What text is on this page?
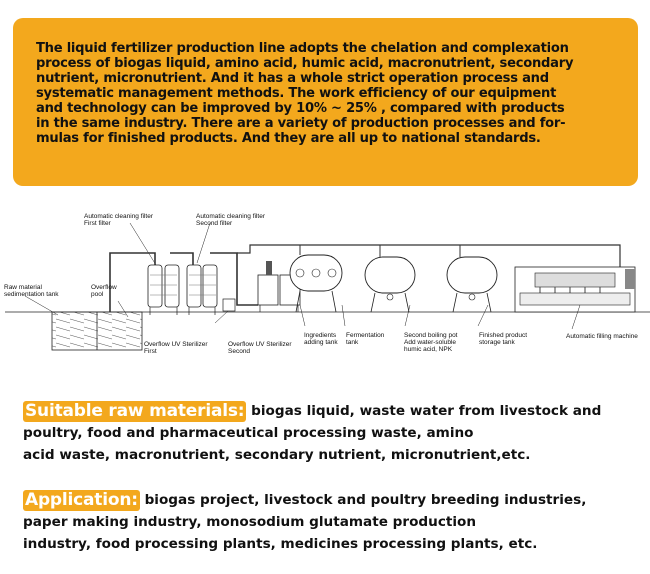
The liquid fertilizer production line adopts the chelation and complexation
process of biogas liquid, amino acid, humic acid, macronutrient, secondary
nutrient, micronutrient. And it has a whole strict operation process and
systematic management methods. The work efficiency of our equipment
and technology can be improved by 10% ~ 25% , compared with products
in the same industry. There are a variety of production processes and for-
mulas for finished products. And they are all up to national standards.

Automatic cleaning filter
First filter
Automatic cleaning filter
Second filter
Raw material
sedimentation tank
Overflow
pool
Overflow UV Sterilizer
First
Overflow UV Sterilizer
Second
Ingredients
adding tank
Fermentation
tank
Second boiling pot
Add water-soluble
humic acid, NPK
Finished product
storage tank
Automatic filling machine
Suitable raw materials: biogas liquid, waste water from livestock and
poultry, food and pharmaceutical processing waste, amino
acid waste, macronutrient, secondary nutrient, micronutrient,etc.
Application: biogas project, livestock and poultry breeding industries,
paper making industry, monosodium glutamate production
industry, food processing plants, medicines processing plants, etc.
